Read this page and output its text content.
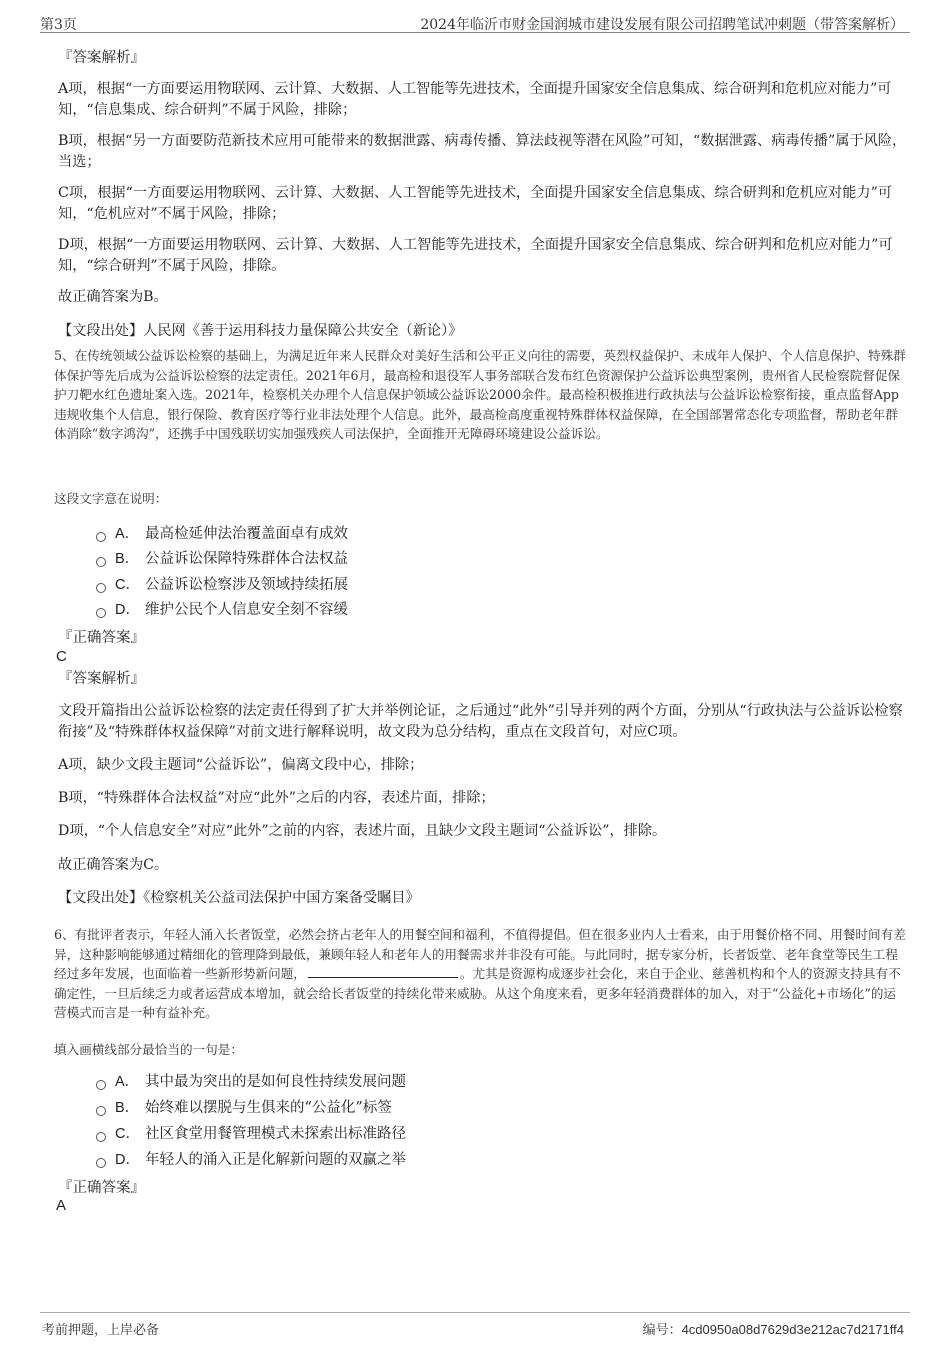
第3页	2024年临沂市财金国润城市建设发展有限公司招聘笔试冲刺题（带答案解析）
『答案解析』
A项，根据“一方面要运用物联网、云计算、大数据、人工智能等先进技术，全面提升国家安全信息集成、综合研判和危机应对能力”可知，“信息集成、综合研判”不属于风险，排除；
B项，根据“另一方面要防范新技术应用可能带来的数据泄露、病毒传播、算法歧视等潜在风险”可知，“数据泄露、病毒传播”属于风险，当选；
C项，根据“一方面要运用物联网、云计算、大数据、人工智能等先进技术，全面提升国家安全信息集成、综合研判和危机应对能力”可知，“危机应对”不属于风险，排除；
D项，根据“一方面要运用物联网、云计算、大数据、人工智能等先进技术，全面提升国家安全信息集成、综合研判和危机应对能力”可知，“综合研判”不属于风险，排除。
故正确答案为B。
【文段出处】人民网《善于运用科技力量保障公共安全（新论）》
5、在传统领域公益诉讼检察的基础上，为满足近年来人民群众对美好生活和公平正义向往的需要，英烈权益保护、未成年人保护、个人信息保护、特殊群体保护等先后成为公益诉讼检察的法定责任。2021年6月，最高检和退役军人事务部联合发布红色资源保护公益诉讼典型案例，贵州省人民检察院督促保护刀靶水红色遗址案入选。2021年，检察机关办理个人信息保护领域公益诉讼2000余件。最高检积极推进行政执法与公益诉讼检察衔接，重点监督App违规收集个人信息，银行保险、教育医疗等行业非法处理个人信息。此外，最高检高度重视特殊群体权益保障，在全国部署常态化专项监督，帮助老年群体消除“数字鸿沟”，还携手中国残联切实加强残疾人司法保护，全面推开无障碍环境建设公益诉讼。
这段文字意在说明：
A． 最高检延伸法治覆盖面卓有成效
B． 公益诉讼保障特殊群体合法权益
C． 公益诉讼检察涉及领域持续拓展
D． 维护公民个人信息安全刻不容缓
『正确答案』
C
『答案解析』
文段开篇指出公益诉讼检察的法定责任得到了扩大并举例论证，之后通过“此外”引导并列的两个方面，分别从“行政执法与公益诉讼检察衔接”及“特殊群体权益保障”对前文进行解释说明，故文段为总分结构，重点在文段首句，对应C项。
A项，缺少文段主题词“公益诉讼”，偏离文段中心，排除；
B项，“特殊群体合法权益”对应“此外”之后的内容，表述片面，排除；
D项，“个人信息安全”对应“此外”之前的内容，表述片面，且缺少文段主题词“公益诉讼”，排除。
故正确答案为C。
【文段出处】《检察机关公益司法保护中国方案备受瞩目》
6、有批评者表示，年轻人涌入长者饭堂，必然会挤占老年人的用餐空间和福利，不值得提倡。但在很多业内人士看来，由于用餐价格不同、用餐时间有差异，这种影响能够通过精细化的管理降到最低，兼顾年轻人和老年人的用餐需求并非没有可能。与此同时，据专家分析，长者饭堂、老年食堂等民生工程经过多年发展，也面临着一些新形势新问题，	。尤其是资源构成逐步社会化，来自于企业、慈善机构和个人的资源支持具有不确定性，一旦后续乏力或者运营成本增加，就会给长者饭堂的持续化带来威胁。从这个角度来看，更多年轻消费群体的加入，对于“公益化+市场化”的运营模式而言是一种有益补充。
填入画横线部分最恰当的一句是：
A． 其中最为突出的是如何良性持续发展问题
B． 始终难以摆脱与生俱来的“公益化”标签
C． 社区食堂用餐管理模式未探索出标准路径
D． 年轻人的涌入正是化解新问题的双赢之举
『正确答案』
A
考前押题，上岸必备	编号：4cd0950a08d7629d3e212ac7d2171ff4
